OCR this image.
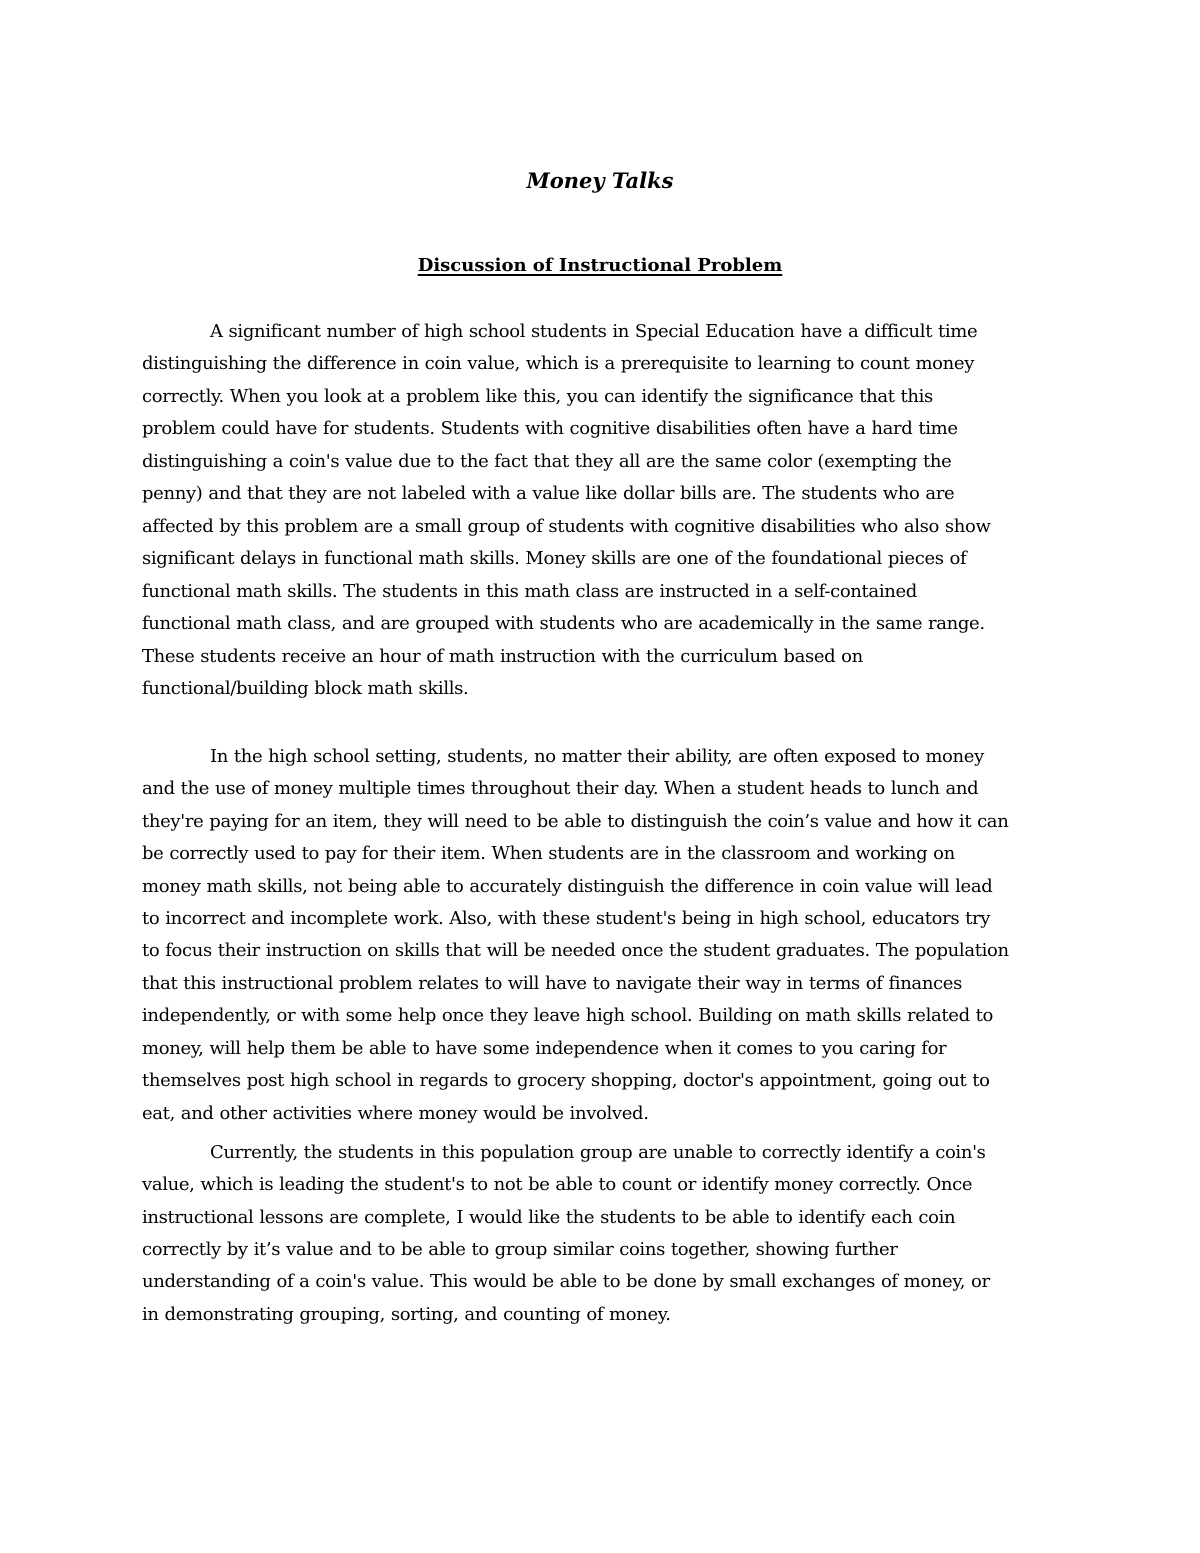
Money Talks
Discussion of Instructional Problem
A significant number of high school students in Special Education have a difficult time
distinguishing the difference in coin value, which is a prerequisite to learning to count money
correctly. When you look at a problem like this, you can identify the significance that this
problem could have for students. Students with cognitive disabilities often have a hard time
distinguishing a coin's value due to the fact that they all are the same color (exempting the
penny) and that they are not labeled with a value like dollar bills are. The students who are
affected by this problem are a small group of students with cognitive disabilities who also show
significant delays in functional math skills. Money skills are one of the foundational pieces of
functional math skills. The students in this math class are instructed in a self-contained
functional math class, and are grouped with students who are academically in the same range.
These students receive an hour of math instruction with the curriculum based on
functional/building block math skills.
In the high school setting, students, no matter their ability, are often exposed to money
and the use of money multiple times throughout their day. When a student heads to lunch and
they're paying for an item, they will need to be able to distinguish the coin’s value and how it can
be correctly used to pay for their item. When students are in the classroom and working on
money math skills, not being able to accurately distinguish the difference in coin value will lead
to incorrect and incomplete work. Also, with these student's being in high school, educators try
to focus their instruction on skills that will be needed once the student graduates. The population
that this instructional problem relates to will have to navigate their way in terms of finances
independently, or with some help once they leave high school. Building on math skills related to
money, will help them be able to have some independence when it comes to you caring for
themselves post high school in regards to grocery shopping, doctor's appointment, going out to
eat, and other activities where money would be involved.
Currently, the students in this population group are unable to correctly identify a coin's
value, which is leading the student's to not be able to count or identify money correctly. Once
instructional lessons are complete, I would like the students to be able to identify each coin
correctly by it’s value and to be able to group similar coins together, showing further
understanding of a coin's value. This would be able to be done by small exchanges of money, or
in demonstrating grouping, sorting, and counting of money.
